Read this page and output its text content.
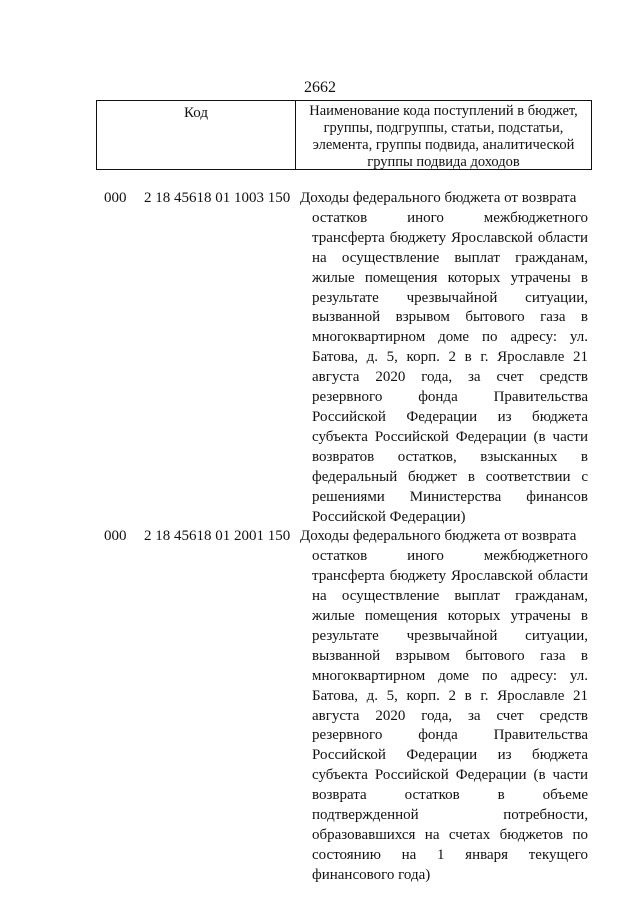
2662
Код	Наименование кода поступлений в бюджет, группы, подгруппы, статьи, подстатьи, элемента, группы подвида, аналитической группы подвида доходов
000	2 18 45618 01 1003 150 Доходы федерального бюджета от возврата
остатков иного межбюджетного трансферта бюджету Ярославской области на осуществление выплат гражданам, жилые помещения которых утрачены в результате чрезвычайной ситуации, вызванной взрывом бытового газа в многоквартирном доме по адресу: ул. Батова, д. 5, корп. 2 в г. Ярославле 21 августа 2020 года, за счет средств резервного фонда Правительства Российской Федерации из бюджета субъекта Российской Федерации (в части возвратов остатков, взысканных в федеральный бюджет в соответствии с решениями Министерства финансов Российской Федерации)
000	2 18 45618 01 2001 150 Доходы федерального бюджета от возврата
остатков иного межбюджетного трансферта бюджету Ярославской области на осуществление выплат гражданам, жилые помещения которых утрачены в результате чрезвычайной ситуации, вызванной взрывом бытового газа в многоквартирном доме по адресу: ул. Батова, д. 5, корп. 2 в г. Ярославле 21 августа 2020 года, за счет средств резервного фонда Правительства Российской Федерации из бюджета субъекта Российской Федерации (в части возврата остатков в объеме подтвержденной потребности, образовавшихся на счетах бюджетов по состоянию на 1 января текущего финансового года)
